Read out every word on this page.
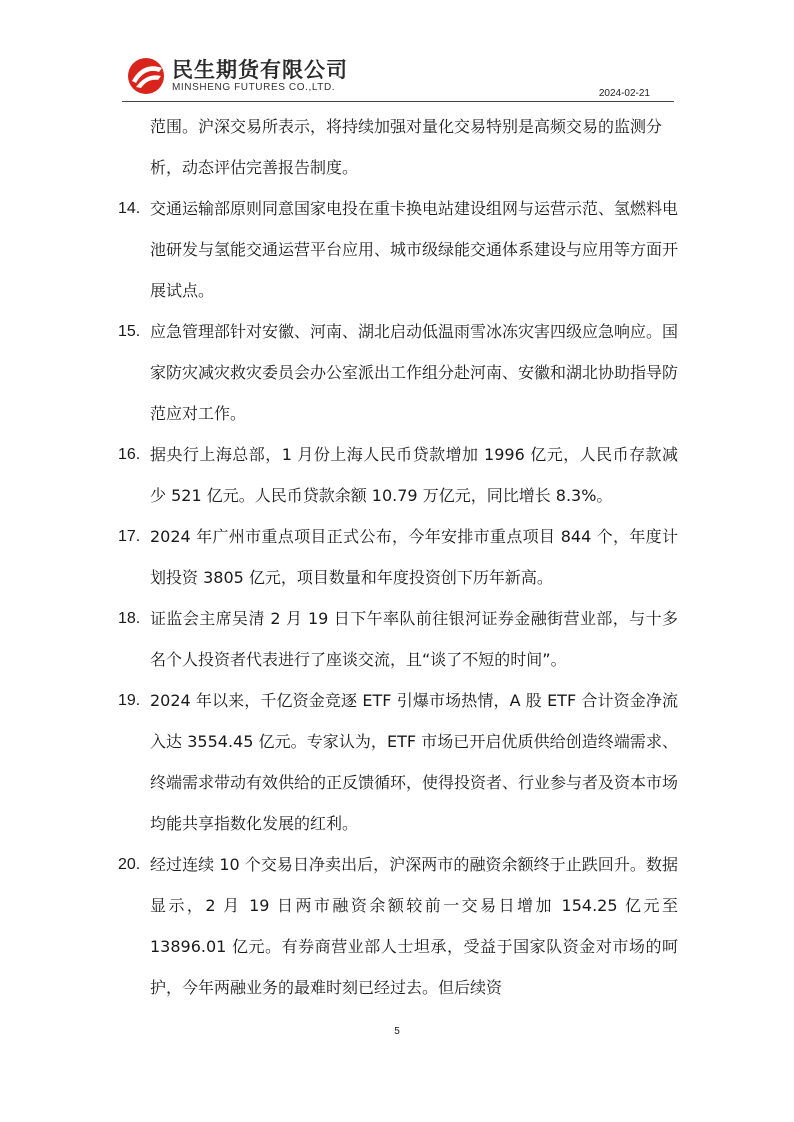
民生期货有限公司
MINSHENG FUTURES CO.,LTD.
2024-02-21
范围。沪深交易所表示，将持续加强对量化交易特别是高频交易的监测分析，动态评估完善报告制度。
14. 交通运输部原则同意国家电投在重卡换电站建设组网与运营示范、氢燃料电池研发与氢能交通运营平台应用、城市级绿能交通体系建设与应用等方面开展试点。
15. 应急管理部针对安徽、河南、湖北启动低温雨雪冰冻灾害四级应急响应。国家防灾减灾救灾委员会办公室派出工作组分赴河南、安徽和湖北协助指导防范应对工作。
16. 据央行上海总部，1 月份上海人民币贷款增加 1996 亿元，人民币存款减少 521 亿元。人民币贷款余额 10.79 万亿元，同比增长 8.3%。
17. 2024 年广州市重点项目正式公布，今年安排市重点项目 844 个，年度计划投资 3805 亿元，项目数量和年度投资创下历年新高。
18. 证监会主席吴清 2 月 19 日下午率队前往银河证券金融街营业部，与十多名个人投资者代表进行了座谈交流，且“谈了不短的时间”。
19. 2024 年以来，千亿资金竞逐 ETF 引爆市场热情，A 股 ETF 合计资金净流入达 3554.45 亿元。专家认为，ETF 市场已开启优质供给创造终端需求、终端需求带动有效供给的正反馈循环，使得投资者、行业参与者及资本市场均能共享指数化发展的红利。
20. 经过连续 10 个交易日净卖出后，沪深两市的融资余额终于止跌回升。数据显示，2 月 19 日两市融资余额较前一交易日增加 154.25 亿元至 13896.01 亿元。有券商营业部人士坦承，受益于国家队资金对市场的呵护，今年两融业务的最难时刻已经过去。但后续资
5
